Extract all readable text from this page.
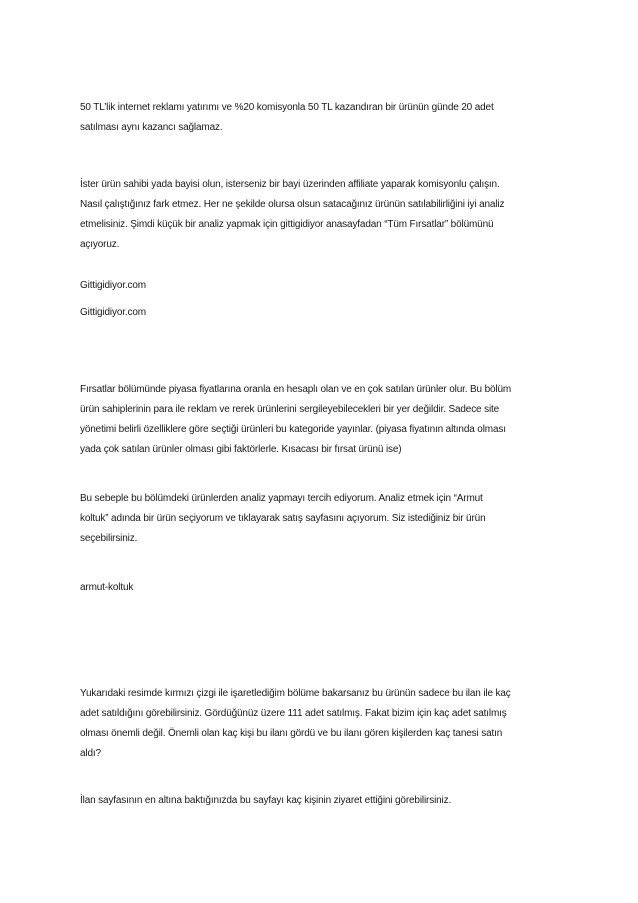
50 TL’lik internet reklamı yatırımı ve %20 komisyonla 50 TL kazandıran bir ürünün günde 20 adet
satılması aynı kazancı sağlamaz.
İster ürün sahibi yada bayisi olun, isterseniz bir bayi üzerinden affiliate yaparak komisyonlu çalışın.
Nasıl çalıştığınız fark etmez. Her ne şekilde olursa olsun satacağınız ürünün satılabilirliğini iyi analiz
etmelisiniz. Şimdi küçük bir analiz yapmak için gittigidiyor anasayfadan “Tüm Fırsatlar” bölümünü
açıyoruz.
Gittigidiyor.com
Gittigidiyor.com
Fırsatlar bölümünde piyasa fiyatlarına oranla en hesaplı olan ve en çok satılan ürünler olur. Bu bölüm
ürün sahiplerinin para ile reklam ve rerek ürünlerini sergileyebilecekleri bir yer değildir. Sadece site
yönetimi belirli özelliklere göre seçtiği ürünleri bu kategoride yayınlar. (piyasa fiyatının altında olması
yada çok satılan ürünler olması gibi faktörlerle. Kısacası bir fırsat ürünü ise)
Bu sebeple bu bölümdeki ürünlerden analiz yapmayı tercih ediyorum. Analiz etmek için “Armut
koltuk” adında bir ürün seçiyorum ve tıklayarak satış sayfasını açıyorum. Siz istediğiniz bir ürün
seçebilirsiniz.
armut-koltuk
Yukarıdaki resimde kırmızı çizgi ile işaretlediğim bölüme bakarsanız bu ürünün sadece bu ilan ile kaç
adet satıldığını görebilirsiniz. Gördüğünüz üzere 111 adet satılmış. Fakat bizim için kaç adet satılmış
olması önemli değil. Önemli olan kaç kişi bu ilanı gördü ve bu ilanı gören kişilerden kaç tanesi satın
aldı?
İlan sayfasının en altına baktığınızda bu sayfayı kaç kişinin ziyaret ettiğini görebilirsiniz.
